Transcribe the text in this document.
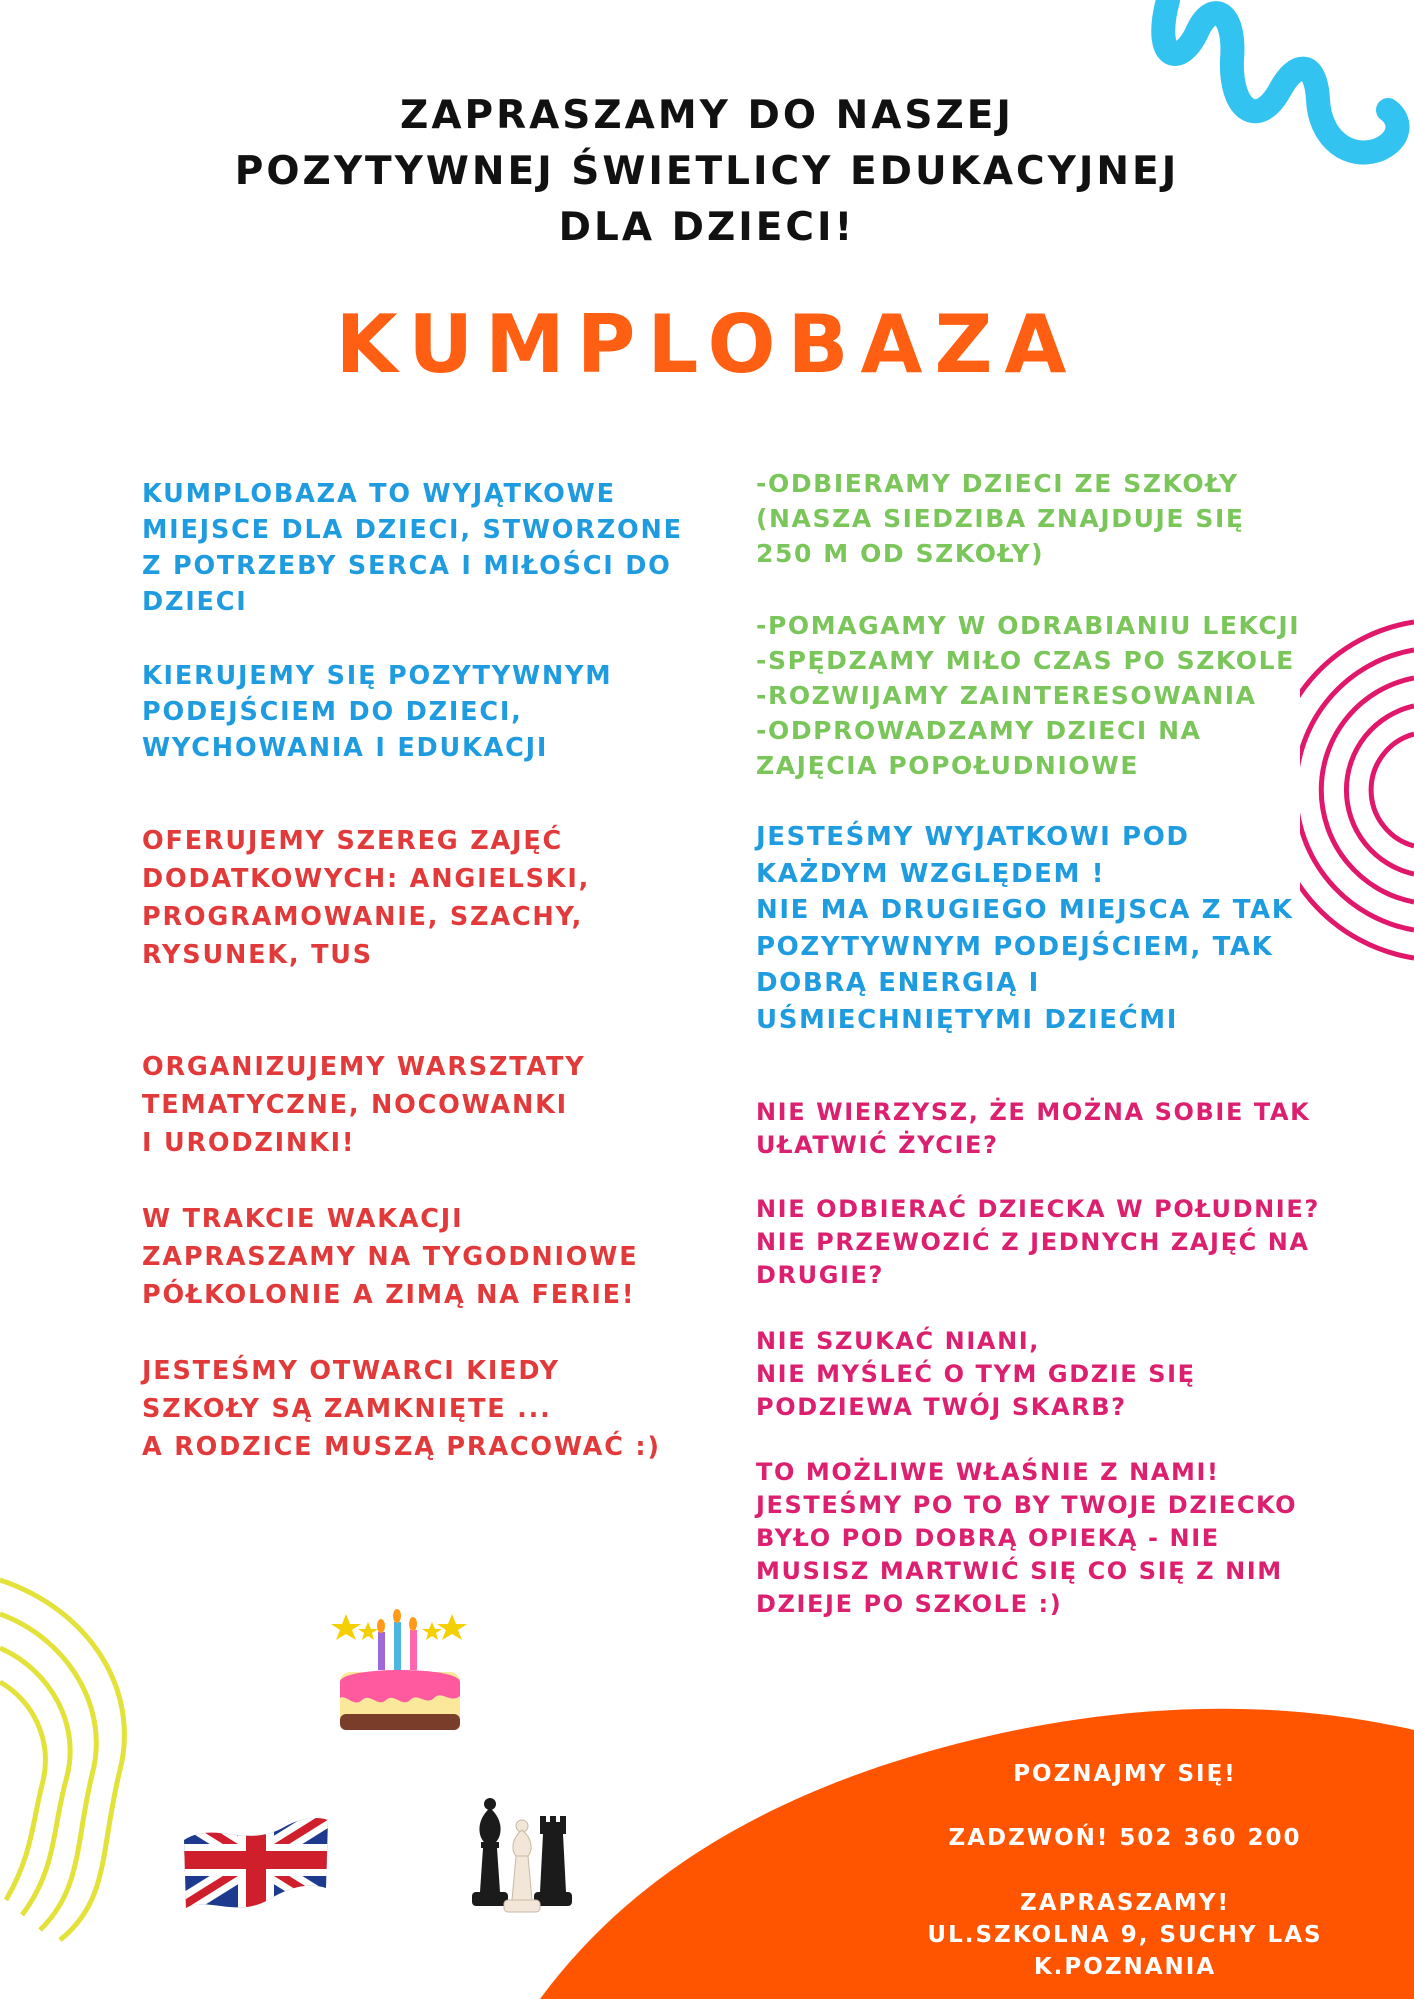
ZAPRASZAMY DO NASZEJ
POZYTYWNEJ ŚWIETLICY EDUKACYJNEJ
DLA DZIECI!
KUMPLOBAZA
KUMPLOBAZA TO WYJĄTKOWE
MIEJSCE DLA DZIECI, STWORZONE
Z POTRZEBY SERCA I MIŁOŚCI DO
DZIECI
KIERUJEMY SIĘ POZYTYWNYM
PODEJŚCIEM DO DZIECI,
WYCHOWANIA I EDUKACJI
OFERUJEMY SZEREG ZAJĘĆ
DODATKOWYCH: ANGIELSKI,
PROGRAMOWANIE, SZACHY,
RYSUNEK, TUS
ORGANIZUJEMY WARSZTATY
TEMATYCZNE, NOCOWANKI
I URODZINKI!
W TRAKCIE WAKACJI
ZAPRASZAMY NA TYGODNIOWE
PÓŁKOLONIE A ZIMĄ NA FERIE!
JESTEŚMY OTWARCI KIEDY
SZKOŁY SĄ ZAMKNIĘTE ...
A RODZICE MUSZĄ PRACOWAĆ :)
-ODBIERAMY DZIECI ZE SZKOŁY
(NASZA SIEDZIBA ZNAJDUJE SIĘ
250 M OD SZKOŁY)
-POMAGAMY W ODRABIANIU LEKCJI
-SPĘDZAMY MIŁO CZAS PO SZKOLE
-ROZWIJAMY ZAINTERESOWANIA
-ODPROWADZAMY DZIECI NA
ZAJĘCIA POPOŁUDNIOWE
JESTEŚMY WYJATKOWI POD
KAŻDYM WZGLĘDEM !
NIE MA DRUGIEGO MIEJSCA Z TAK
POZYTYWNYM PODEJŚCIEM, TAK
DOBRĄ ENERGIĄ I
UŚMIECHNIĘTYMI DZIEĆMI
NIE WIERZYSZ, ŻE MOŻNA SOBIE TAK
UŁATWIĆ ŻYCIE?
NIE ODBIERAĆ DZIECKA W POŁUDNIE?
NIE PRZEWOZIĆ Z JEDNYCH ZAJĘĆ NA
DRUGIE?
NIE SZUKAĆ NIANI,
NIE MYŚLEĆ O TYM GDZIE SIĘ
PODZIEWA TWÓJ SKARB?
TO MOŻLIWE WŁAŚNIE Z NAMI!
JESTEŚMY PO TO BY TWOJE DZIECKO
BYŁO POD DOBRĄ OPIEKĄ - NIE
MUSISZ MARTWIĆ SIĘ CO SIĘ Z NIM
DZIEJE PO SZKOLE :)
POZNAJMY SIĘ!
ZADZWOŃ! 502 360 200
ZAPRASZAMY!
UL.SZKOLNA 9, SUCHY LAS K.POZNANIA
